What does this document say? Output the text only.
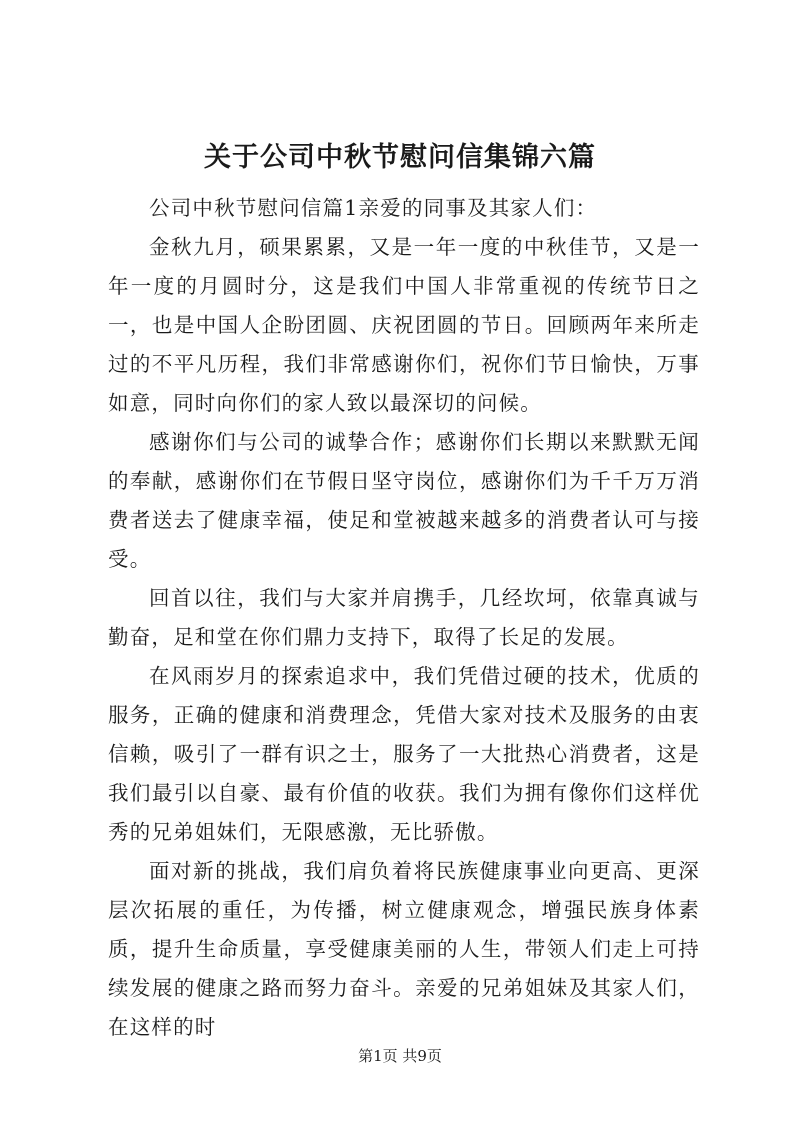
关于公司中秋节慰问信集锦六篇

公司中秋节慰问信篇1亲爱的同事及其家人们：

金秋九月，硕果累累，又是一年一度的中秋佳节，又是一年一度的月圆时分，这是我们中国人非常重视的传统节日之一，也是中国人企盼团圆、庆祝团圆的节日。回顾两年来所走过的不平凡历程，我们非常感谢你们，祝你们节日愉快，万事如意，同时向你们的家人致以最深切的问候。

感谢你们与公司的诚挚合作；感谢你们长期以来默默无闻的奉献，感谢你们在节假日坚守岗位，感谢你们为千千万万消费者送去了健康幸福，使足和堂被越来越多的消费者认可与接受。

回首以往，我们与大家并肩携手，几经坎坷，依靠真诚与勤奋，足和堂在你们鼎力支持下，取得了长足的发展。

在风雨岁月的探索追求中，我们凭借过硬的技术，优质的服务，正确的健康和消费理念，凭借大家对技术及服务的由衷信赖，吸引了一群有识之士，服务了一大批热心消费者，这是我们最引以自豪、最有价值的收获。我们为拥有像你们这样优秀的兄弟姐妹们，无限感激，无比骄傲。

面对新的挑战，我们肩负着将民族健康事业向更高、更深层次拓展的重任，为传播，树立健康观念，增强民族身体素质，提升生命质量，享受健康美丽的人生，带领人们走上可持续发展的健康之路而努力奋斗。亲爱的兄弟姐妹及其家人们，在这样的时

第1页 共9页
